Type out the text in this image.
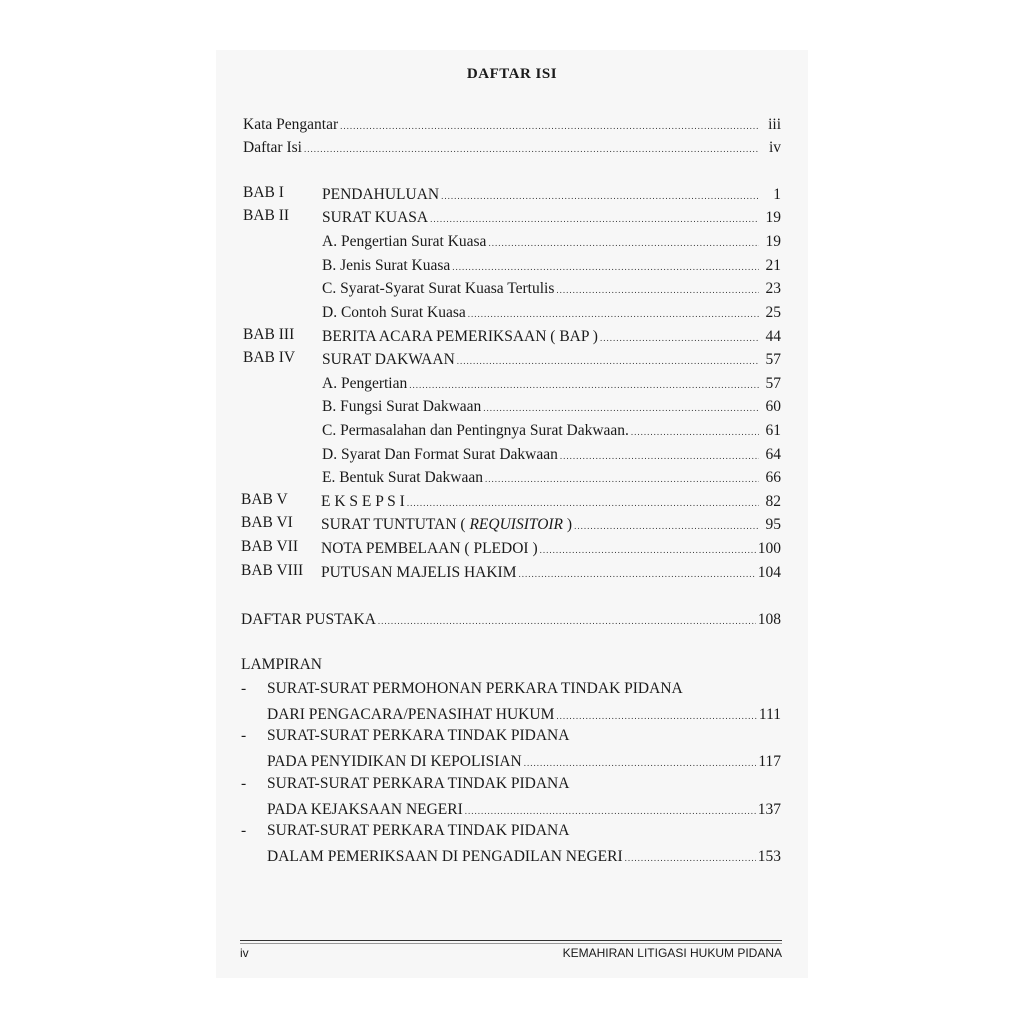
DAFTAR ISI
Kata Pengantar .....	iii
Daftar Isi .....	iv
BAB I PENDAHULUAN .....	1
BAB II SURAT KUASA .....	19
A. Pengertian Surat Kuasa .....	19
B. Jenis Surat Kuasa .....	21
C. Syarat-Syarat Surat Kuasa Tertulis .....	23
D. Contoh Surat Kuasa .....	25
BAB III BERITA ACARA PEMERIKSAAN ( BAP ) .....	44
BAB IV SURAT DAKWAAN .....	57
A. Pengertian .....	57
B. Fungsi Surat Dakwaan .....	60
C. Permasalahan dan Pentingnya Surat Dakwaan. .....	61
D. Syarat Dan Format Surat Dakwaan .....	64
E. Bentuk Surat Dakwaan .....	66
BAB V E K S E P S I .....	82
BAB VI SURAT TUNTUTAN ( REQUISITOIR ) .....	95
BAB VII NOTA PEMBELAAN ( PLEDOI ) .....	100
BAB VIII PUTUSAN MAJELIS HAKIM .....	104
DAFTAR PUSTAKA .....	108
LAMPIRAN
- SURAT-SURAT PERMOHONAN PERKARA TINDAK PIDANA
DARI PENGACARA/PENASIHAT HUKUM .....	111
- SURAT-SURAT PERKARA TINDAK PIDANA
PADA PENYIDIKAN DI KEPOLISIAN .....	117
- SURAT-SURAT PERKARA TINDAK PIDANA
PADA KEJAKSAAN NEGERI .....	137
- SURAT-SURAT PERKARA TINDAK PIDANA
DALAM PEMERIKSAAN DI PENGADILAN NEGERI .....	153
iv	KEMAHIRAN LITIGASI HUKUM PIDANA
